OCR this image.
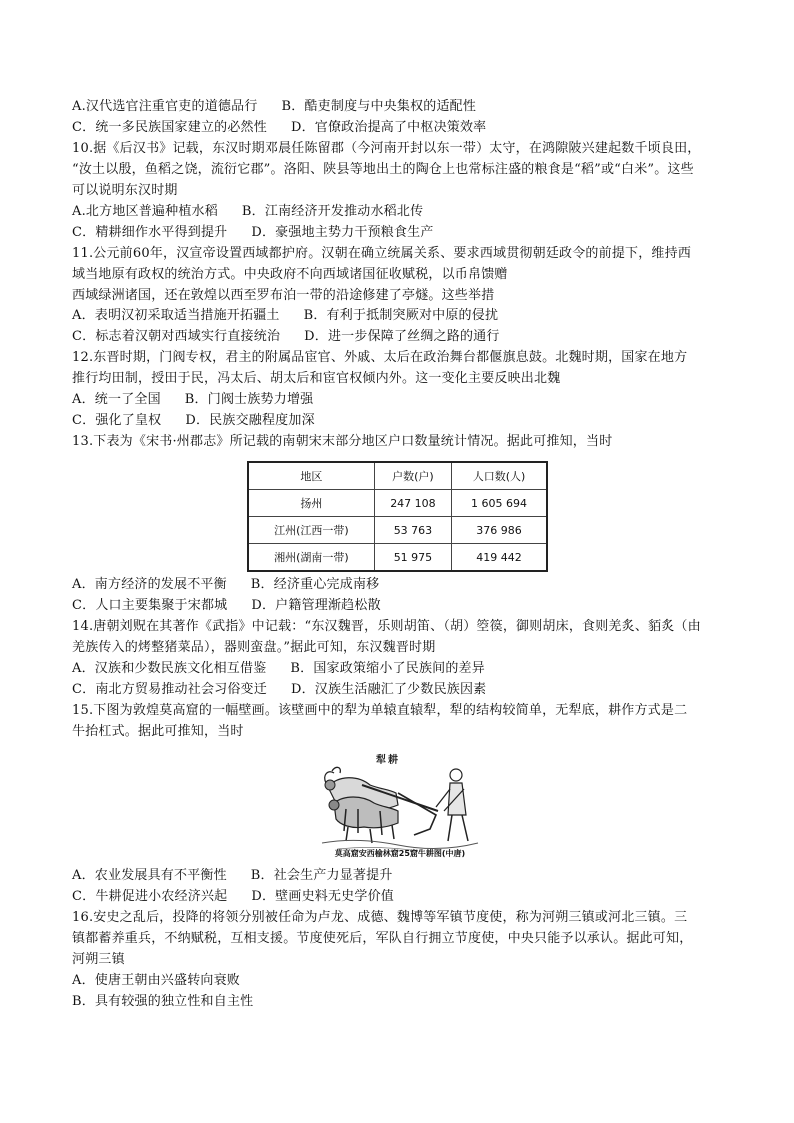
A.汉代选官注重官吏的道德品行 B．酷吏制度与中央集权的适配性
C．统一多民族国家建立的必然性 D．官僚政治提高了中枢决策效率
10.据《后汉书》记载，东汉时期邓晨任陈留郡（今河南开封以东一带）太守，在鸿隙陂兴建起数千顷良田，
“汝土以殷，鱼稻之饶，流衍它郡”。洛阳、陕县等地出土的陶仓上也常标注盛的粮食是“稻”或“白米”。这些
可以说明东汉时期
A.北方地区普遍种植水稻 B．江南经济开发推动水稻北传
C．精耕细作水平得到提升 D．豪强地主势力干预粮食生产
11.公元前60年，汉宣帝设置西域都护府。汉朝在确立统属关系、要求西域贯彻朝廷政令的前提下，维持西
域当地原有政权的统治方式。中央政府不向西域诸国征收赋税，以币帛馈赠
西域绿洲诸国，还在敦煌以西至罗布泊一带的沿途修建了亭燧。这些举措
A．表明汉初采取适当措施开拓疆土 B．有利于抵制突厥对中原的侵扰
C．标志着汉朝对西域实行直接统治 D．进一步保障了丝绸之路的通行
12.东晋时期，门阀专权，君主的附属品宦官、外戚、太后在政治舞台都偃旗息鼓。北魏时期，国家在地方
推行均田制，授田于民，冯太后、胡太后和宦官权倾内外。这一变化主要反映出北魏
A．统一了全国 B．门阀士族势力增强
C．强化了皇权 D．民族交融程度加深
13.下表为《宋书·州郡志》所记载的南朝宋末部分地区户口数量统计情况。据此可推知，当时
地区	户数(户)	人口数(人)
扬州	247 108	1 605 694
江州(江西一带)	53 763	376 986
湘州(湖南一带)	51 975	419 442
A．南方经济的发展不平衡 B．经济重心完成南移
C．人口主要集聚于宋都城 D．户籍管理渐趋松散
14.唐朝刘贶在其著作《武指》中记载：“东汉魏晋，乐则胡笛、（胡）箜篌，御则胡床，食则羌炙、貊炙（由
羌族传入的烤整猪菜品），器则蛮盘。”据此可知，东汉魏晋时期
A．汉族和少数民族文化相互借鉴 B．国家政策缩小了民族间的差异
C．南北方贸易推动社会习俗变迁 D．汉族生活融汇了少数民族因素
15.下图为敦煌莫高窟的一幅壁画。该壁画中的犁为单辕直辕犁，犁的结构较简单，无犁底，耕作方式是二
牛抬杠式。据此可推知，当时
犁 耕
莫高窟安西榆林窟25窟牛耕图(中唐)
A．农业发展具有不平衡性 B．社会生产力显著提升
C．牛耕促进小农经济兴起 D．壁画史料无史学价值
16.安史之乱后，投降的将领分别被任命为卢龙、成德、魏博等军镇节度使，称为河朔三镇或河北三镇。三
镇都蓄养重兵，不纳赋税，互相支援。节度使死后，军队自行拥立节度使，中央只能予以承认。据此可知，
河朔三镇
A．使唐王朝由兴盛转向衰败
B．具有较强的独立性和自主性
